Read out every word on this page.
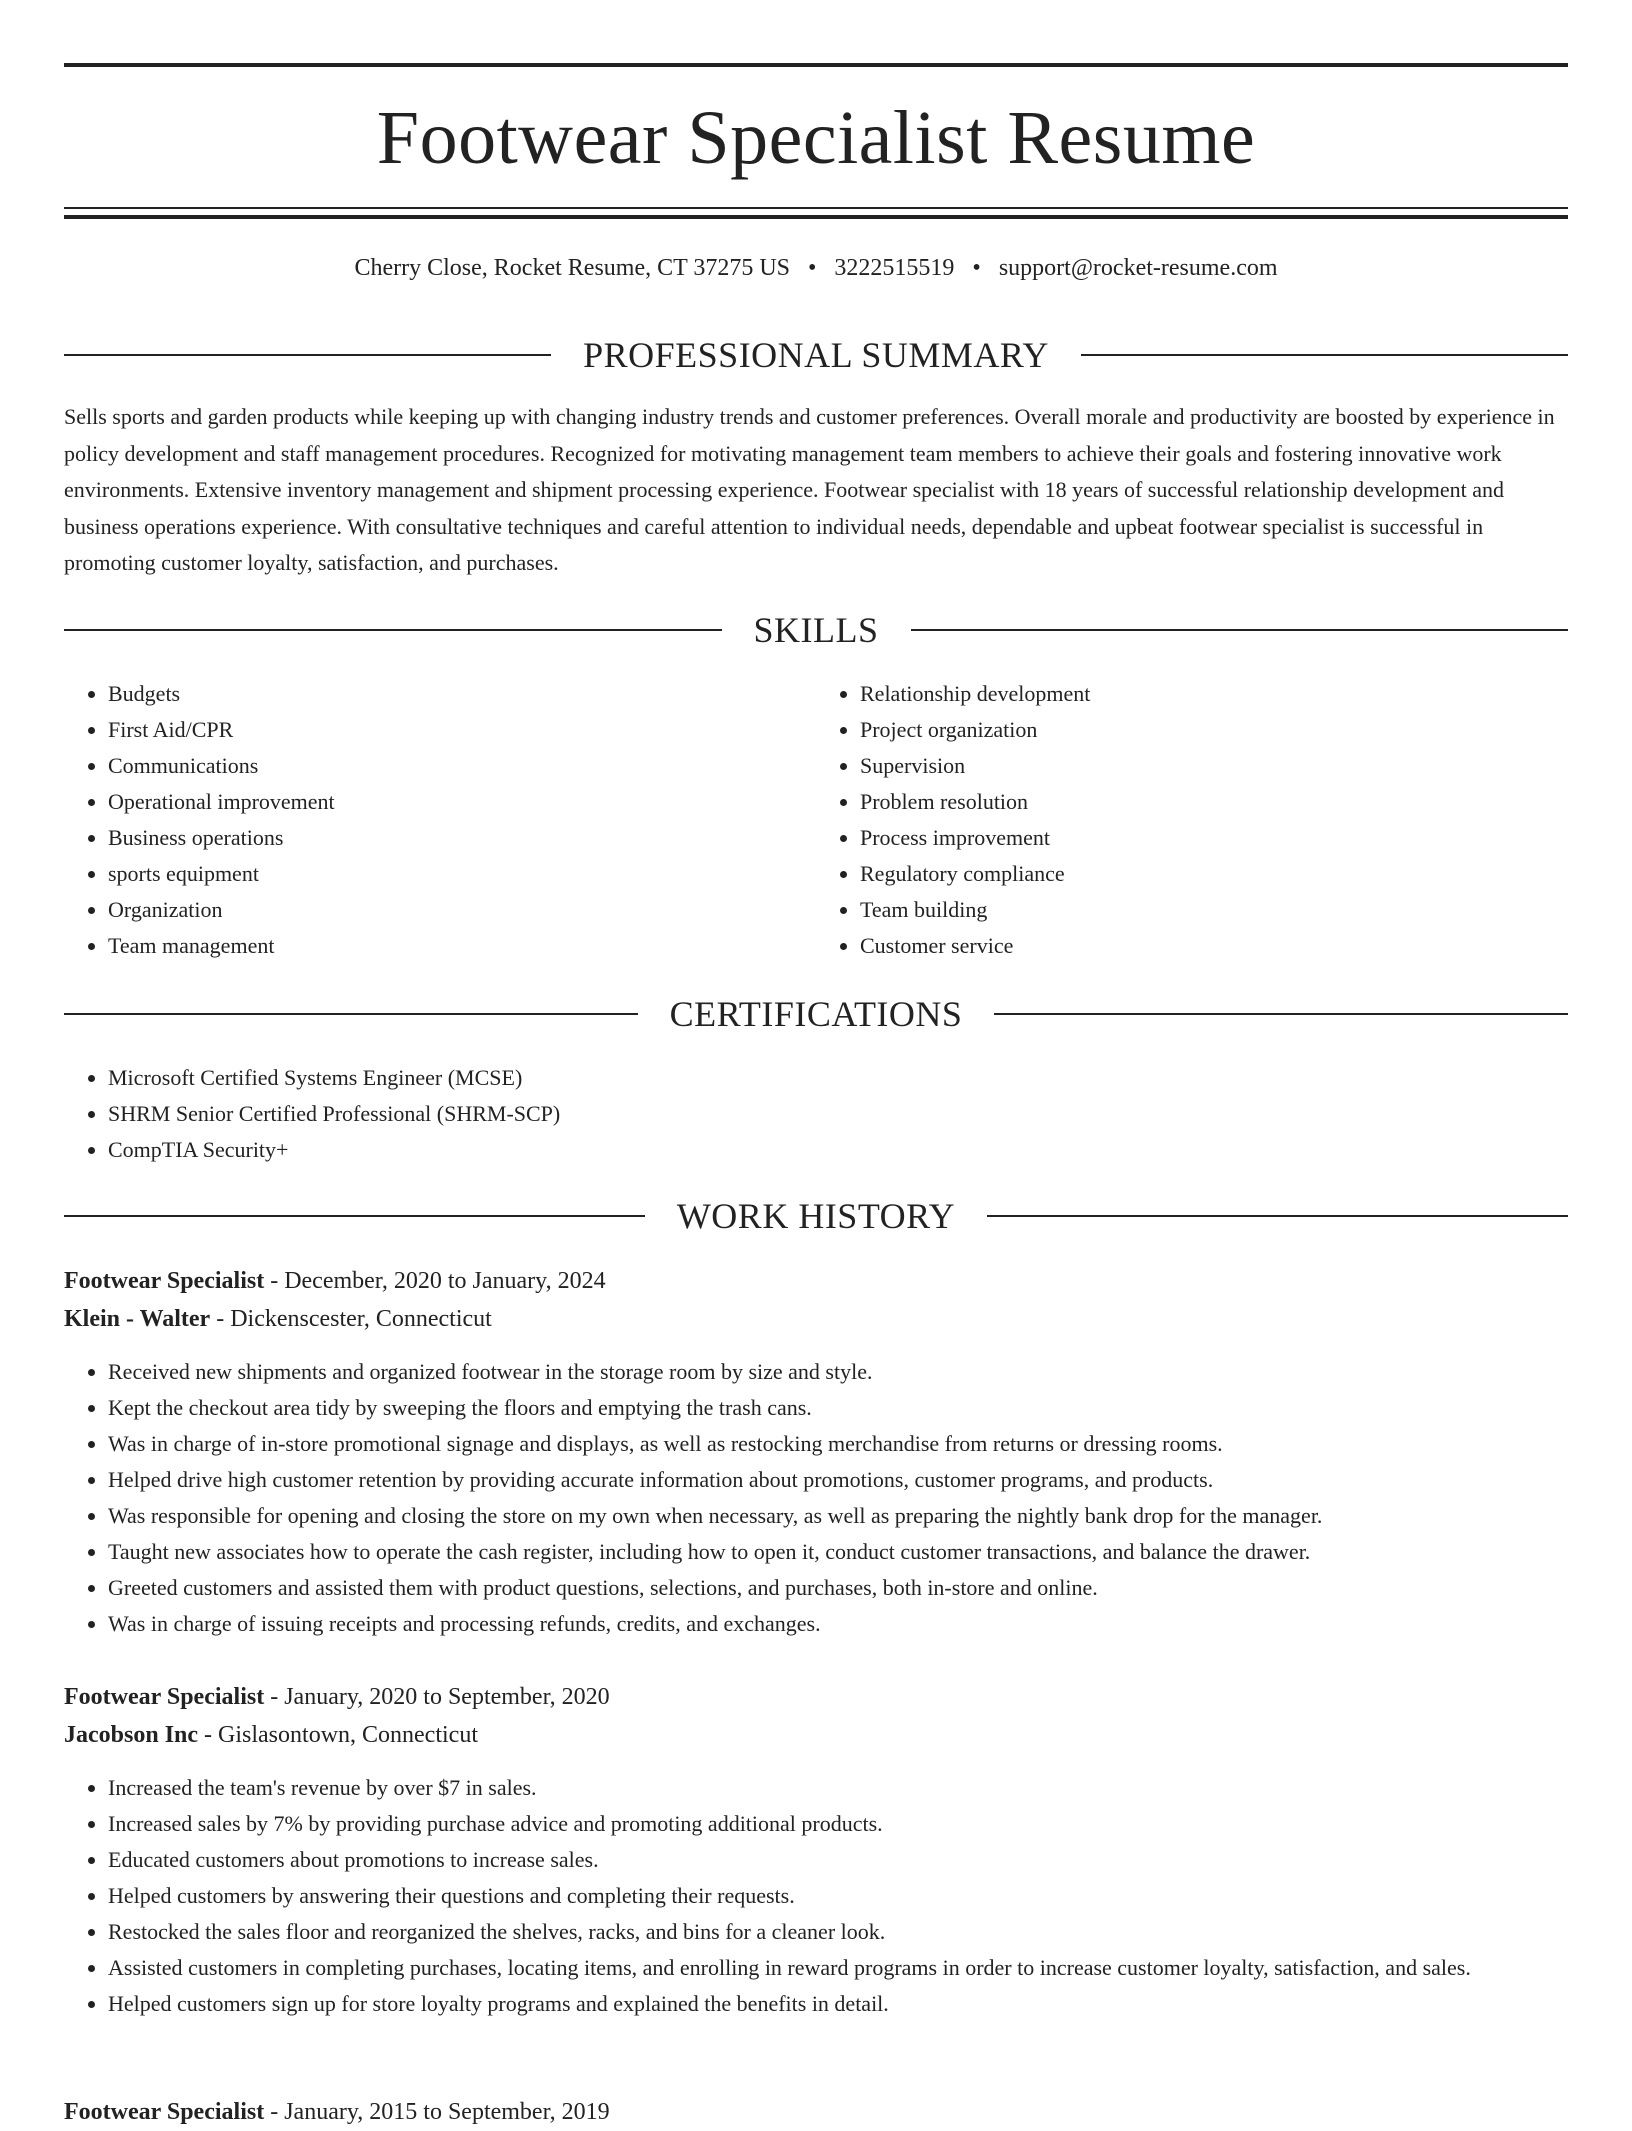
Footwear Specialist Resume
Cherry Close, Rocket Resume, CT 37275 US • 3222515519 • support@rocket-resume.com
PROFESSIONAL SUMMARY

Sells sports and garden products while keeping up with changing industry trends and customer preferences. Overall morale and productivity are boosted by experience in policy development and staff management procedures. Recognized for motivating management team members to achieve their goals and fostering innovative work environments. Extensive inventory management and shipment processing experience. Footwear specialist with 18 years of successful relationship development and business operations experience. With consultative techniques and careful attention to individual needs, dependable and upbeat footwear specialist is successful in promoting customer loyalty, satisfaction, and purchases.

SKILLS
• Budgets
• First Aid/CPR
• Communications
• Operational improvement
• Business operations
• sports equipment
• Organization
• Team management
• Relationship development
• Project organization
• Supervision
• Problem resolution
• Process improvement
• Regulatory compliance
• Team building
• Customer service
CERTIFICATIONS
• Microsoft Certified Systems Engineer (MCSE)
• SHRM Senior Certified Professional (SHRM-SCP)
• CompTIA Security+
WORK HISTORY
Footwear Specialist - December, 2020 to January, 2024
Klein - Walter - Dickenscester, Connecticut
• Received new shipments and organized footwear in the storage room by size and style.
• Kept the checkout area tidy by sweeping the floors and emptying the trash cans.
• Was in charge of in-store promotional signage and displays, as well as restocking merchandise from returns or dressing rooms.
• Helped drive high customer retention by providing accurate information about promotions, customer programs, and products.
• Was responsible for opening and closing the store on my own when necessary, as well as preparing the nightly bank drop for the manager.
• Taught new associates how to operate the cash register, including how to open it, conduct customer transactions, and balance the drawer.
• Greeted customers and assisted them with product questions, selections, and purchases, both in-store and online.
• Was in charge of issuing receipts and processing refunds, credits, and exchanges.
Footwear Specialist - January, 2020 to September, 2020
Jacobson Inc - Gislasontown, Connecticut
• Increased the team's revenue by over $7 in sales.
• Increased sales by 7% by providing purchase advice and promoting additional products.
• Educated customers about promotions to increase sales.
• Helped customers by answering their questions and completing their requests.
• Restocked the sales floor and reorganized the shelves, racks, and bins for a cleaner look.
• Assisted customers in completing purchases, locating items, and enrolling in reward programs in order to increase customer loyalty, satisfaction, and sales.
• Helped customers sign up for store loyalty programs and explained the benefits in detail.
Footwear Specialist - January, 2015 to September, 2019
